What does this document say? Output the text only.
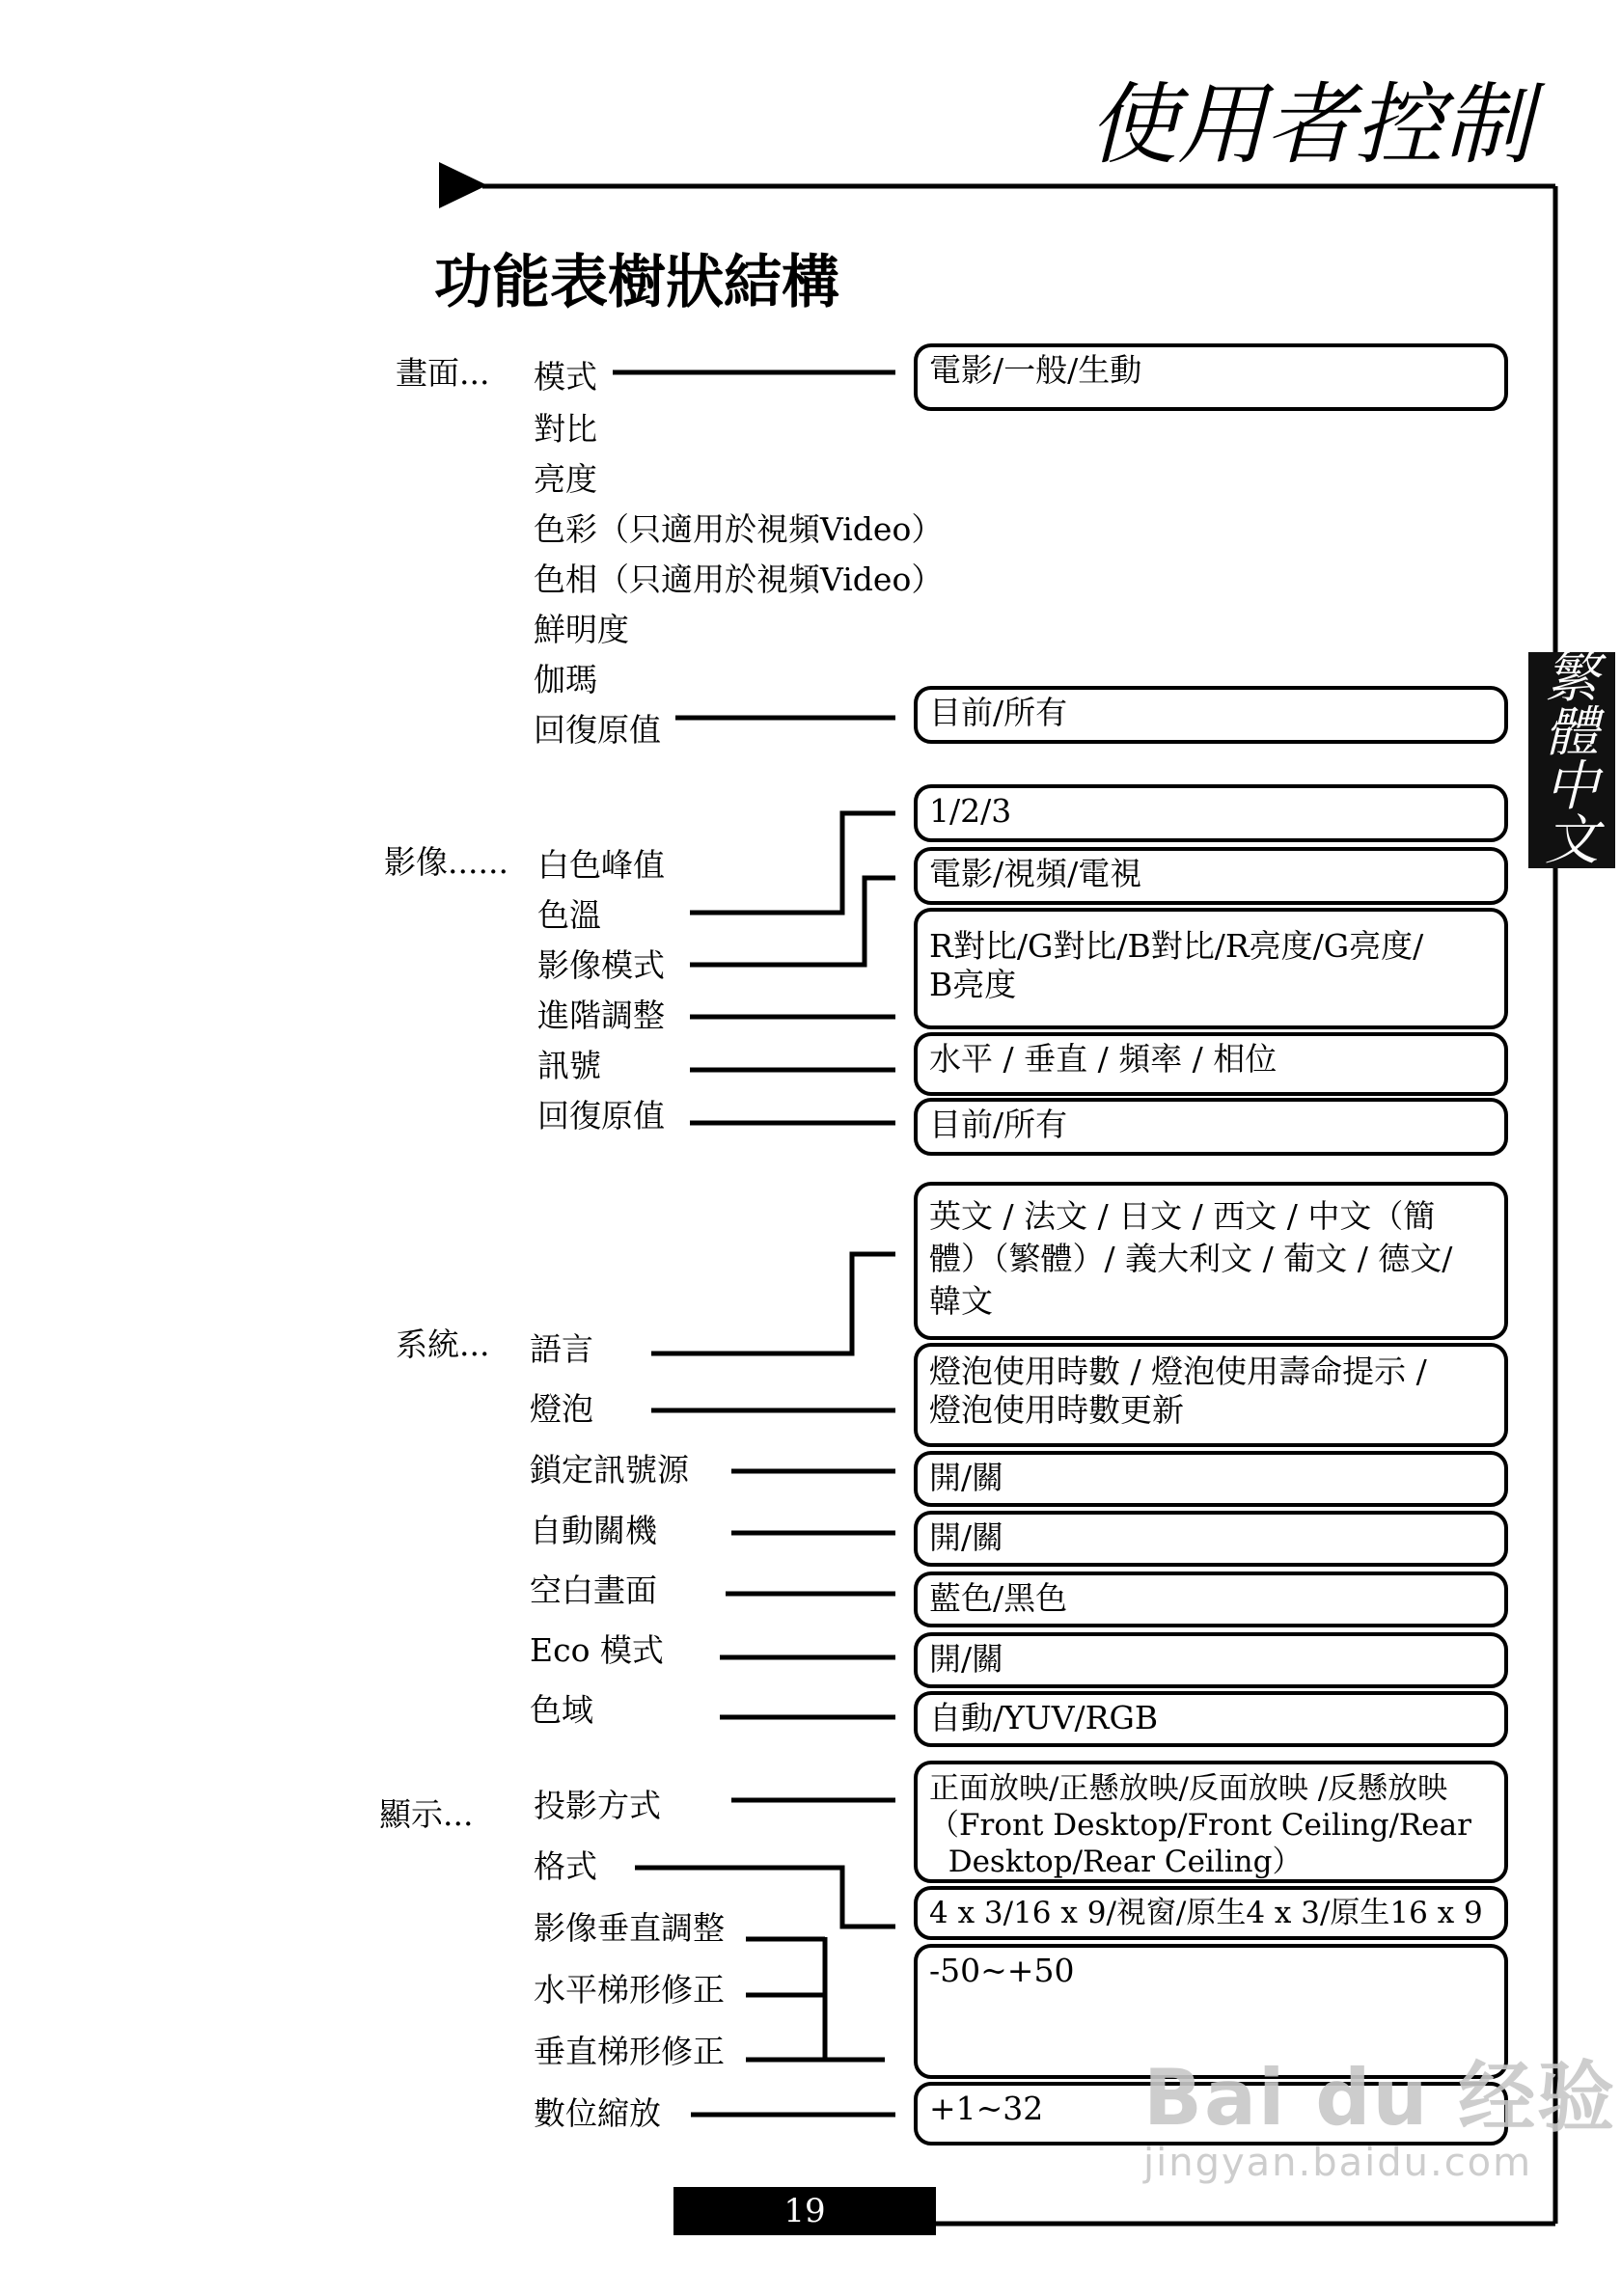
使用者控制
功能表樹狀結構
繁
體
中
文
畫面... 模式
對比
亮度
色彩（只適用於視頻Video）
色相（只適用於視頻Video）
鮮明度
伽瑪
回復原值
電影/一般/生動
目前/所有
影像...... 白色峰值
色溫
影像模式
進階調整
訊號
回復原值
1/2/3
電影/視頻/電視
R對比/G對比/B對比/R亮度/G亮度/
B亮度
水平 / 垂直 / 頻率 / 相位
目前/所有
系統... 語言
燈泡
鎖定訊號源
自動關機
空白畫面
Eco 模式
色域
英文 / 法文 / 日文 / 西文 / 中文（簡
體）（繁體）/ 義大利文 / 葡文 / 德文/
韓文
燈泡使用時數 / 燈泡使用壽命提示 /
燈泡使用時數更新
開/關
開/關
藍色/黑色
開/關
自動/YUV/RGB
顯示... 投影方式
格式
影像垂直調整
水平梯形修正
垂直梯形修正
數位縮放
正面放映/正懸放映/反面放映 /反懸放映
（Front Desktop/Front Ceiling/Rear
Desktop/Rear Ceiling）
4 x 3/16 x 9/視窗/原生4 x 3/原生16 x 9
-50~+50
+1~32
19
Bai du 经验
jingyan.baidu.com
